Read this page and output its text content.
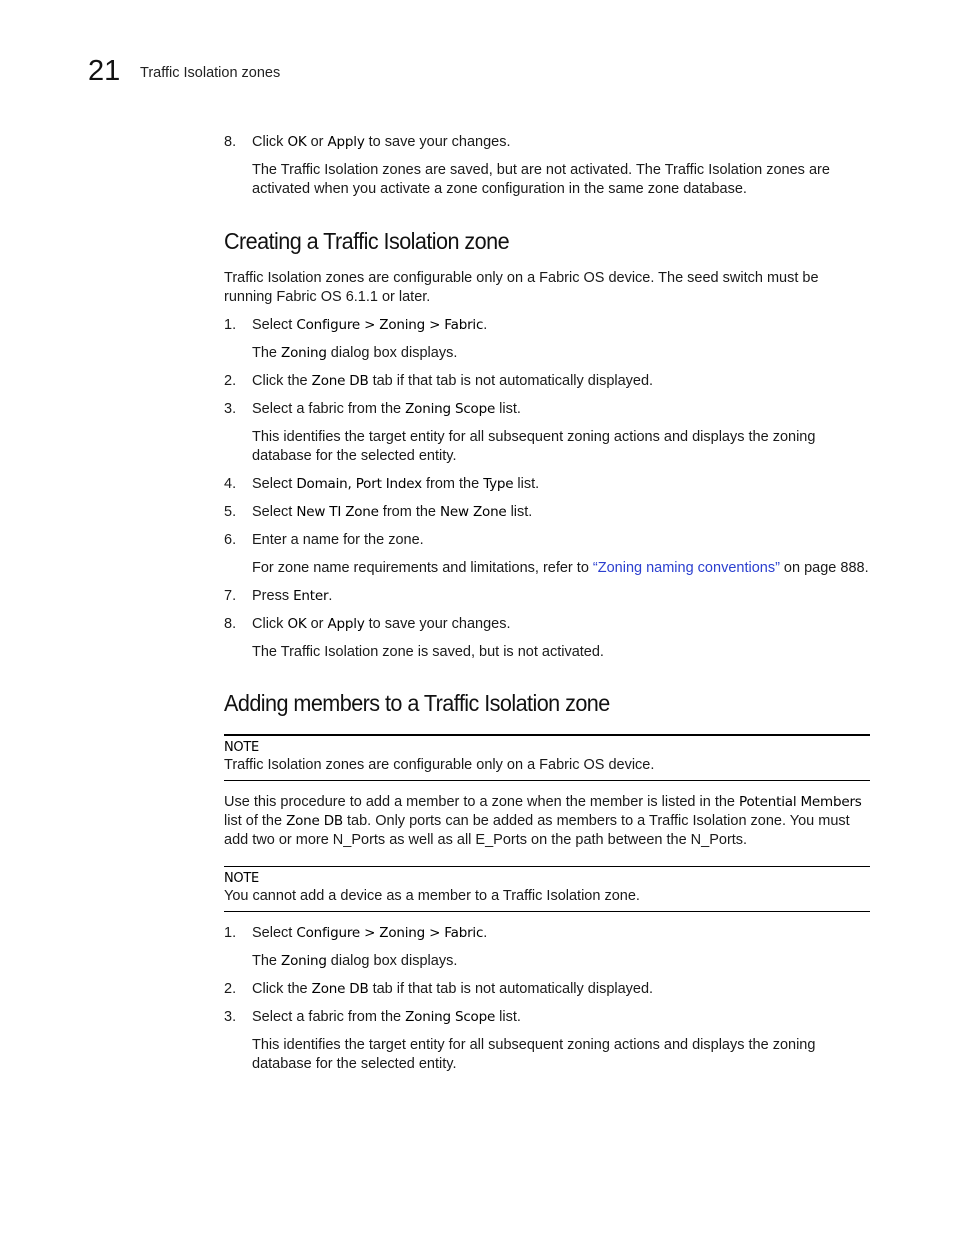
21 Traffic Isolation zones
8. Click OK or Apply to save your changes.
The Traffic Isolation zones are saved, but are not activated. The Traffic Isolation zones are activated when you activate a zone configuration in the same zone database.
Creating a Traffic Isolation zone
Traffic Isolation zones are configurable only on a Fabric OS device. The seed switch must be running Fabric OS 6.1.1 or later.
1. Select Configure > Zoning > Fabric.
The Zoning dialog box displays.
2. Click the Zone DB tab if that tab is not automatically displayed.
3. Select a fabric from the Zoning Scope list.
This identifies the target entity for all subsequent zoning actions and displays the zoning database for the selected entity.
4. Select Domain, Port Index from the Type list.
5. Select New TI Zone from the New Zone list.
6. Enter a name for the zone.
For zone name requirements and limitations, refer to “Zoning naming conventions” on page 888.
7. Press Enter.
8. Click OK or Apply to save your changes.
The Traffic Isolation zone is saved, but is not activated.
Adding members to a Traffic Isolation zone
NOTE
Traffic Isolation zones are configurable only on a Fabric OS device.
Use this procedure to add a member to a zone when the member is listed in the Potential Members list of the Zone DB tab. Only ports can be added as members to a Traffic Isolation zone. You must add two or more N_Ports as well as all E_Ports on the path between the N_Ports.
NOTE
You cannot add a device as a member to a Traffic Isolation zone.
1. Select Configure > Zoning > Fabric.
The Zoning dialog box displays.
2. Click the Zone DB tab if that tab is not automatically displayed.
3. Select a fabric from the Zoning Scope list.
This identifies the target entity for all subsequent zoning actions and displays the zoning database for the selected entity.
